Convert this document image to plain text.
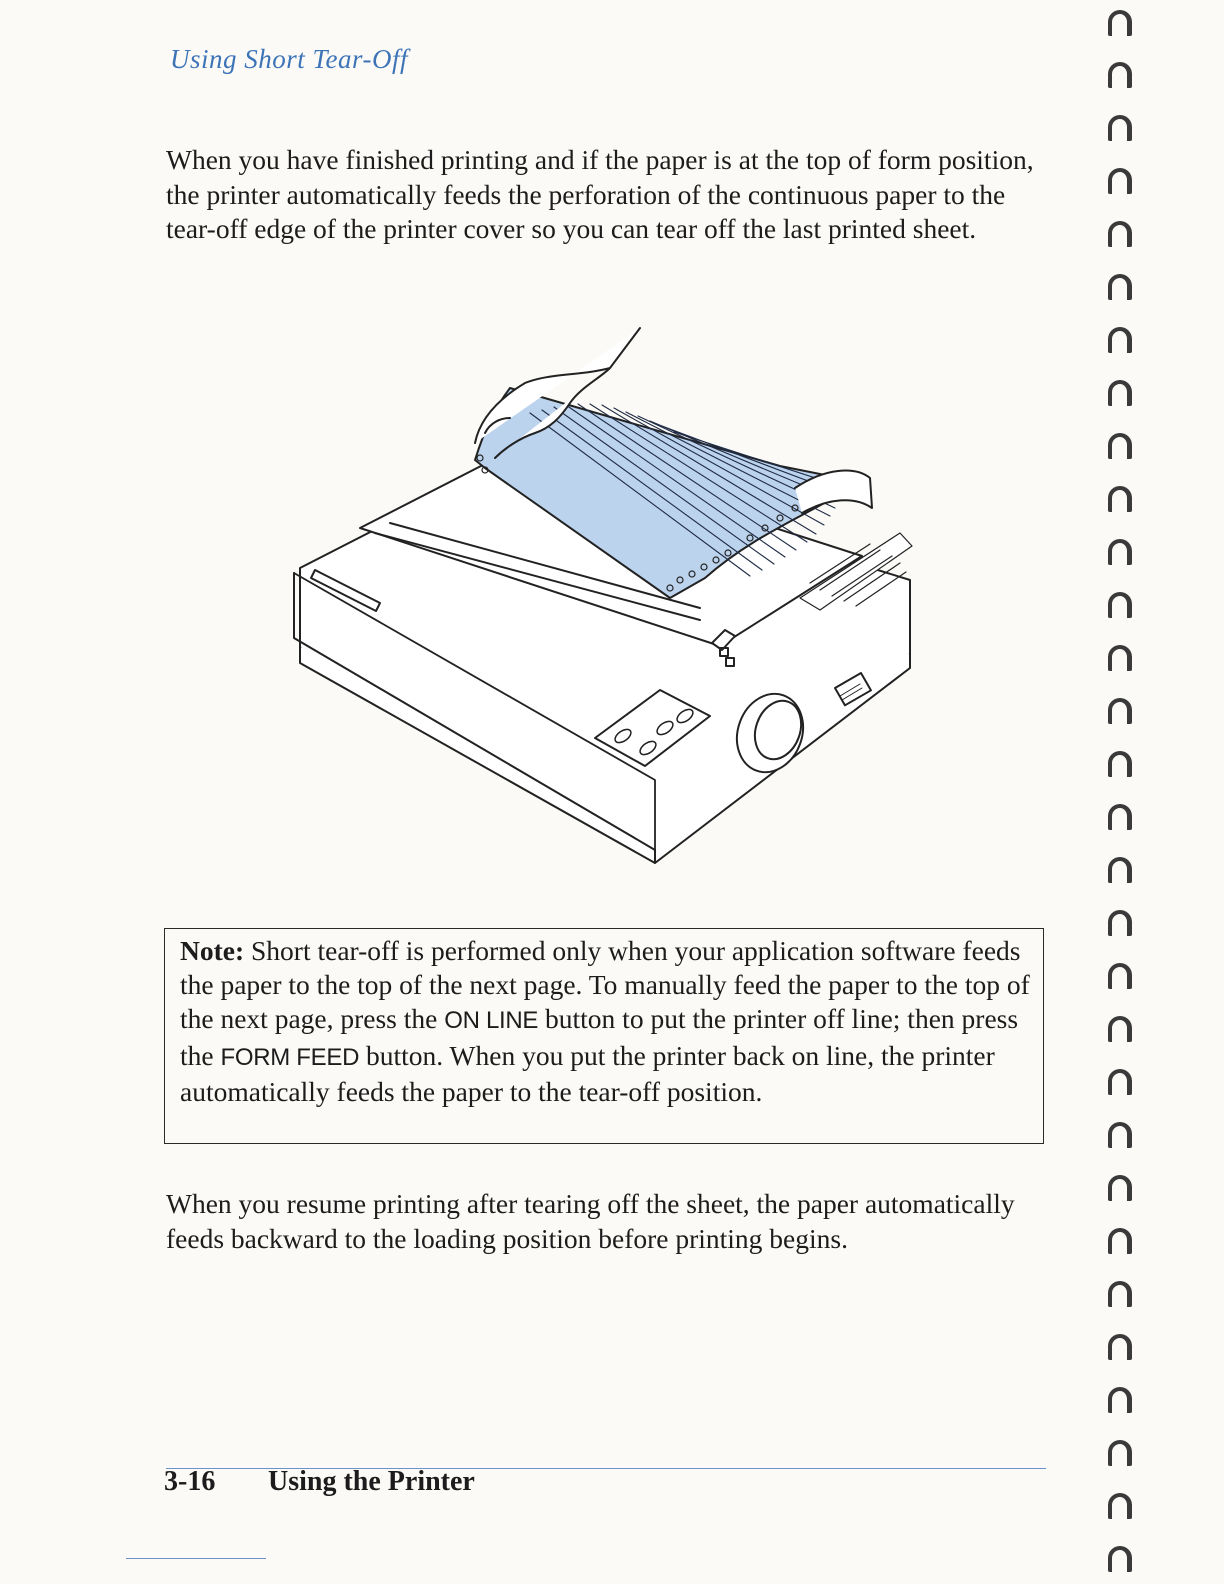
Using Short Tear-Off

When you have finished printing and if the paper is at the top of form position, the printer automatically feeds the perforation of the continuous paper to the tear-off edge of the printer cover so you can tear off the last printed sheet.

Note: Short tear-off is performed only when your application software feeds the paper to the top of the next page. To manually feed the paper to the top of the next page, press the ON LINE button to put the printer off line; then press the FORM FEED button. When you put the printer back on line, the printer automatically feeds the paper to the tear-off position.

When you resume printing after tearing off the sheet, the paper automatically feeds backward to the loading position before printing begins.

3-16 Using the Printer
